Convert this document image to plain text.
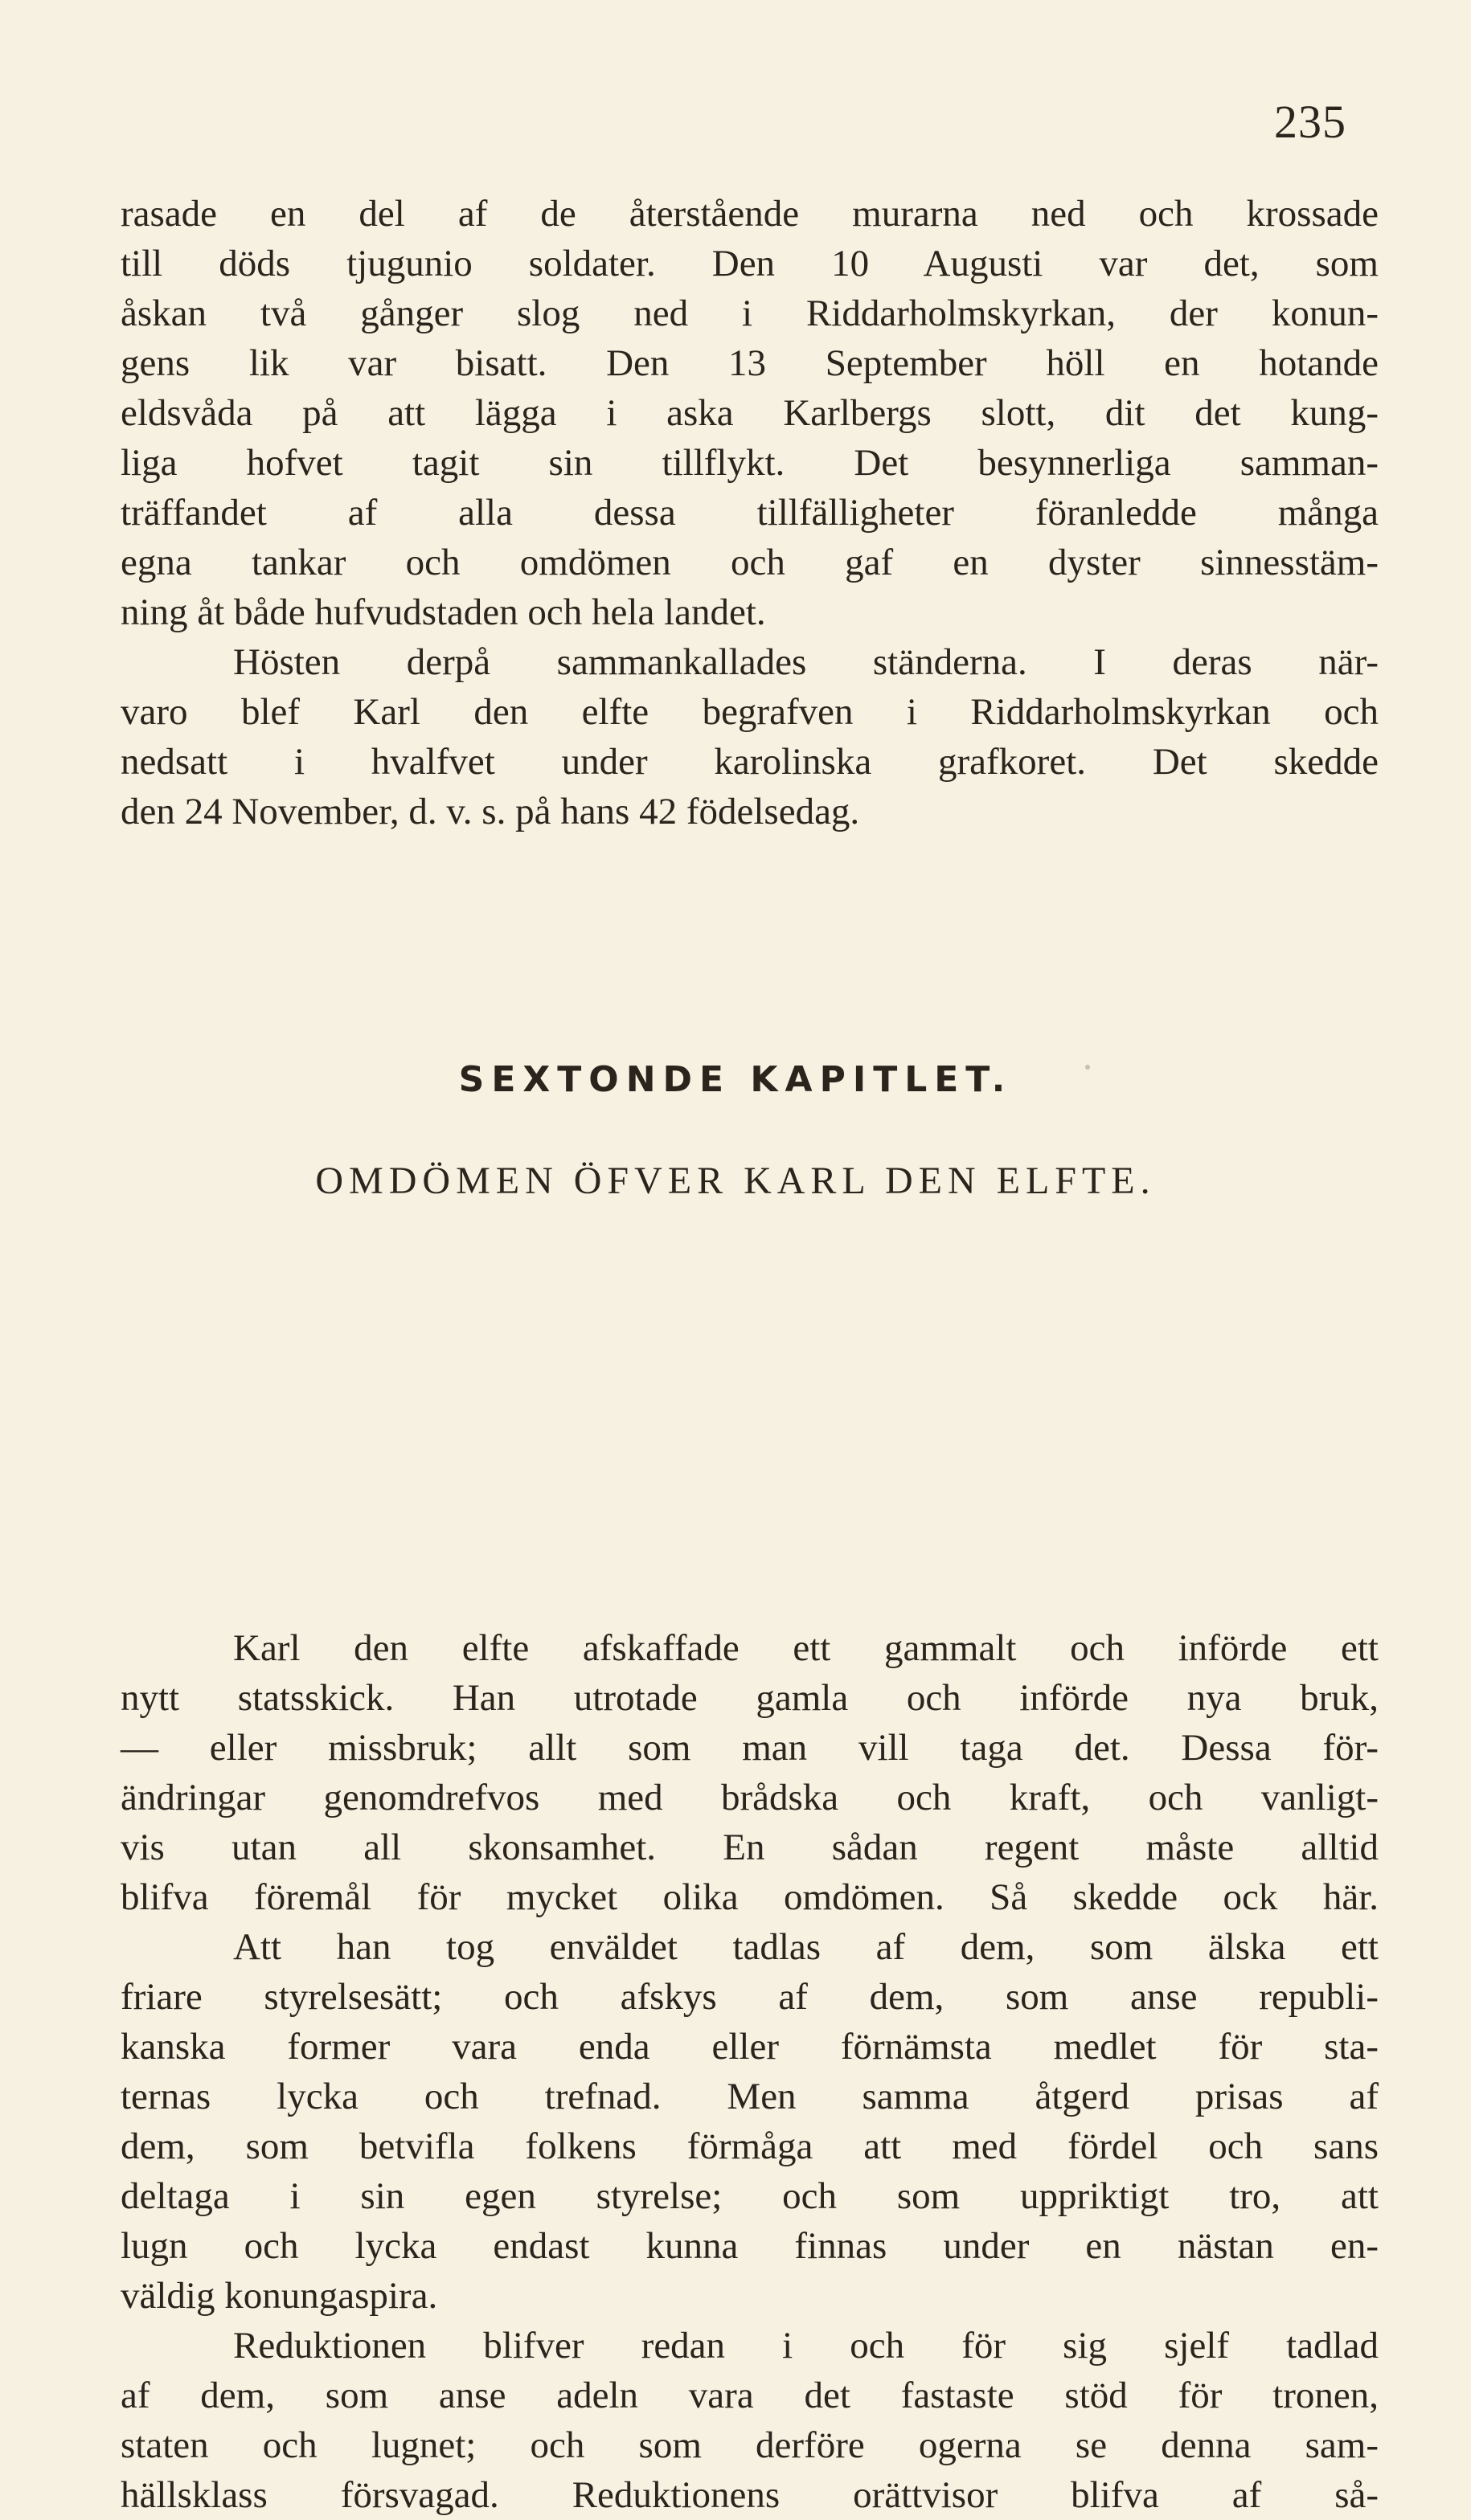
235
rasade en del af de återstående murarna ned och krossade
till döds tjugunio soldater. Den 10 Augusti var det, som
åskan två gånger slog ned i Riddarholmskyrkan, der konun-
gens lik var bisatt. Den 13 September höll en hotande
eldsvåda på att lägga i aska Karlbergs slott, dit det kung-
liga hofvet tagit sin tillflykt. Det besynnerliga samman-
träffandet af alla dessa tillfälligheter föranledde många
egna tankar och omdömen och gaf en dyster sinnesstäm-
ning åt både hufvudstaden och hela landet.
Hösten derpå sammankallades ständerna. I deras när-
varo blef Karl den elfte begrafven i Riddarholmskyrkan och
nedsatt i hvalfvet under karolinska grafkoret. Det skedde
den 24 November, d. v. s. på hans 42 födelsedag.
SEXTONDE KAPITLET.
OMDÖMEN ÖFVER KARL DEN ELFTE.
Karl den elfte afskaffade ett gammalt och införde ett
nytt statsskick. Han utrotade gamla och införde nya bruk,
— eller missbruk; allt som man vill taga det. Dessa för-
ändringar genomdrefvos med brådska och kraft, och vanligt-
vis utan all skonsamhet. En sådan regent måste alltid
blifva föremål för mycket olika omdömen. Så skedde ock här.
Att han tog enväldet tadlas af dem, som älska ett
friare styrelsesätt; och afskys af dem, som anse republi-
kanska former vara enda eller förnämsta medlet för sta-
ternas lycka och trefnad. Men samma åtgerd prisas af
dem, som betvifla folkens förmåga att med fördel och sans
deltaga i sin egen styrelse; och som uppriktigt tro, att
lugn och lycka endast kunna finnas under en nästan en-
väldig konungaspira.
Reduktionen blifver redan i och för sig sjelf tadlad
af dem, som anse adeln vara det fastaste stöd för tronen,
staten och lugnet; och som derföre ogerna se denna sam-
hällsklass försvagad. Reduktionens orättvisor blifva af så-
